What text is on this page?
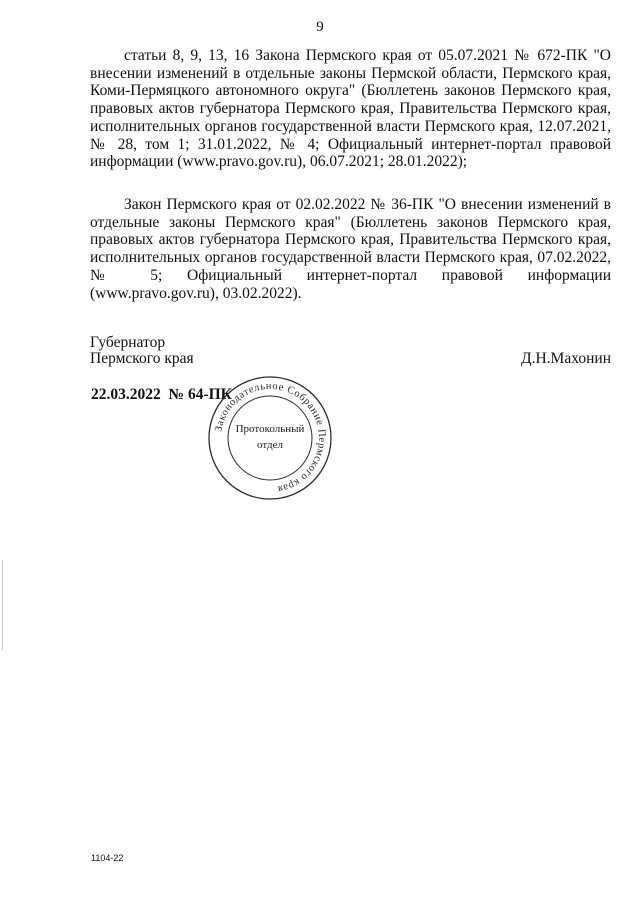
9
статьи 8, 9, 13, 16 Закона Пермского края от 05.07.2021 № 672-ПК "О внесении изменений в отдельные законы Пермской области, Пермского края, Коми-Пермяцкого автономного округа" (Бюллетень законов Пермского края, правовых актов губернатора Пермского края, Правительства Пермского края, исполнительных органов государственной власти Пермского края, 12.07.2021, № 28, том 1; 31.01.2022, № 4; Официальный интернет-портал правовой информации (www.pravo.gov.ru), 06.07.2021; 28.01.2022);
Закон Пермского края от 02.02.2022 № 36-ПК "О внесении изменений в отдельные законы Пермского края" (Бюллетень законов Пермского края, правовых актов губернатора Пермского края, Правительства Пермского края, исполнительных органов государственной власти Пермского края, 07.02.2022, № 5; Официальный интернет-портал правовой информации (www.pravo.gov.ru), 03.02.2022).
Губернатор
Пермского края	Д.Н.Махонин
22.03.2022 № 64-ПК
Законодательное Собрание Пермского края
Протокольный
отдел
1104-22
